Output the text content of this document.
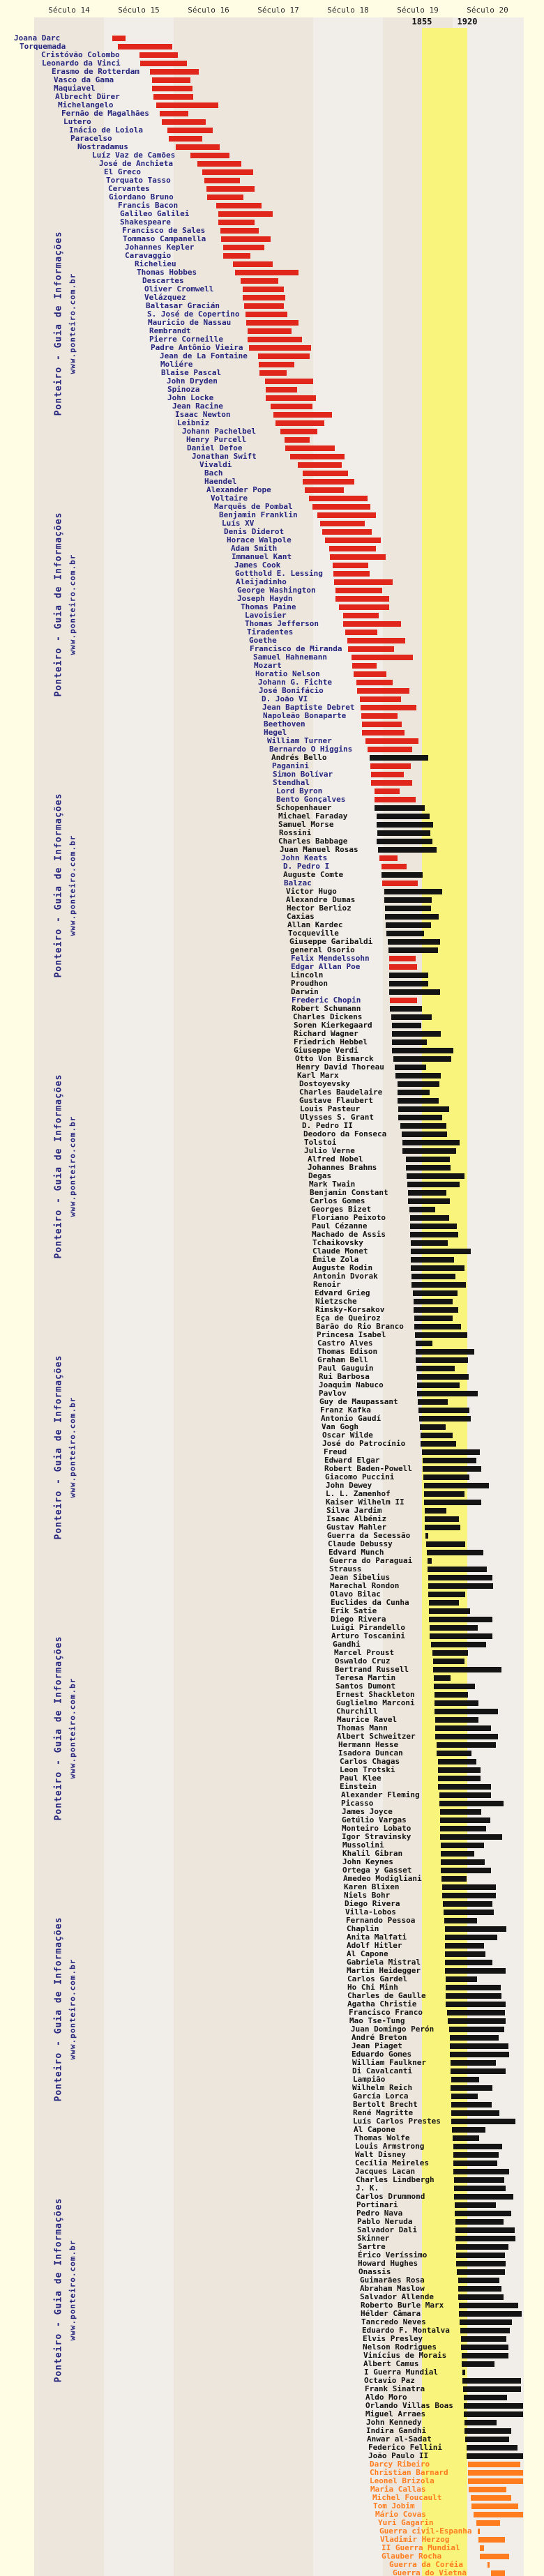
Século 14	Século 15	Século 16	Século 17	Século 18	Século 19	Século 20
1855	1920
Ponteiro - Guia de Informações www.ponteiro.com.br
Ponteiro - Guia de Informações www.ponteiro.com.br
Ponteiro - Guia de Informações www.ponteiro.com.br
Ponteiro - Guia de Informações www.ponteiro.com.br
Ponteiro - Guia de Informações www.ponteiro.com.br
Ponteiro - Guia de Informações www.ponteiro.com.br
Ponteiro - Guia de Informações www.ponteiro.com.br
Ponteiro - Guia de Informações www.ponteiro.com.br
Joana Darc
Torquemada
Cristóvão Colombo
Leonardo da Vinci
Erasmo de Rotterdam
Vasco da Gama
Maquiavel
Albrecht Dürer
Michelangelo
Fernão de Magalhães
Lutero
Inácio de Loiola
Paracelso
Nostradamus
Luíz Vaz de Camões
José de Anchieta
El Greco
Torquato Tasso
Cervantes
Giordano Bruno
Francis Bacon
Galileo Galilei
Shakespeare
Francisco de Sales
Tommaso Campanella
Johannes Kepler
Caravaggio
Richelieu
Thomas Hobbes
Descartes
Oliver Cromwell
Velázquez
Baltasar Gracián
S. José de Copertino
Mauricio de Nassau
Rembrandt
Pierre Corneille
Padre Antônio Vieira
Jean de La Fontaine
Moliére
Blaise Pascal
John Dryden
Spinoza
John Locke
Jean Racine
Isaac Newton
Leibniz
Johann Pachelbel
Henry Purcell
Daniel Defoe
Jonathan Swift
Vivaldi
Bach
Haendel
Alexander Pope
Voltaire
Marquês de Pombal
Benjamin Franklin
Luís XV
Denis Diderot
Horace Walpole
Adam Smith
Immanuel Kant
James Cook
Gotthold E. Lessing
Aleijadinho
George Washington
Joseph Haydn
Thomas Paine
Lavoisier
Thomas Jefferson
Tiradentes
Goethe
Francisco de Miranda
Samuel Hahnemann
Mozart
Horatio Nelson
Johann G. Fichte
José Bonifácio
D. João VI
Jean Baptiste Debret
Napoleão Bonaparte
Beethoven
Hegel
William Turner
Bernardo O Higgins
Andrés Bello
Paganini
Simon Bolívar
Stendhal
Lord Byron
Bento Gonçalves
Schopenhauer
Michael Faraday
Samuel Morse
Rossini
Charles Babbage
Juan Manuel Rosas
John Keats
D. Pedro I
Auguste Comte
Balzac
Victor Hugo
Alexandre Dumas
Hector Berlioz
Caxias
Allan Kardec
Tocqueville
Giuseppe Garibaldi
general Osorio
Felix Mendelssohn
Edgar Allan Poe
Lincoln
Proudhon
Darwin
Frederic Chopin
Robert Schumann
Charles Dickens
Soren Kierkegaard
Richard Wagner
Friedrich Hebbel
Giuseppe Verdi
Otto Von Bismarck
Henry David Thoreau
Karl Marx
Dostoyevsky
Charles Baudelaire
Gustave Flaubert
Louis Pasteur
Ulysses S. Grant
D. Pedro II
Deodoro da Fonseca
Tolstoi
Julio Verne
Alfred Nobel
Johannes Brahms
Degas
Mark Twain
Benjamin Constant
Carlos Gomes
Georges Bizet
Floriano Peixoto
Paul Cézanne
Machado de Assis
Tchaikovsky
Claude Monet
Émile Zola
Auguste Rodin
Antonin Dvorak
Renoir
Edvard Grieg
Nietzsche
Rimsky-Korsakov
Eça de Queiroz
Barão do Rio Branco
Princesa Isabel
Castro Alves
Thomas Edison
Graham Bell
Paul Gauguin
Rui Barbosa
Joaquim Nabuco
Pavlov
Guy de Maupassant
Franz Kafka
Antonio Gaudí
Van Gogh
Oscar Wilde
José do Patrocínio
Freud
Edward Elgar
Robert Baden-Powell
Giacomo Puccini
John Dewey
L. L. Zamenhof
Kaiser Wilhelm II
Silva Jardim
Isaac Albéniz
Gustav Mahler
Guerra da Secessão
Claude Debussy
Edvard Munch
Guerra do Paraguai
Strauss
Jean Sibelius
Marechal Rondon
Olavo Bilac
Euclides da Cunha
Erik Satie
Diego Rivera
Luigi Pirandello
Arturo Toscanini
Gandhi
Marcel Proust
Oswaldo Cruz
Bertrand Russell
Teresa Martin
Santos Dumont
Ernest Shackleton
Guglielmo Marconi
Churchill
Maurice Ravel
Thomas Mann
Albert Schweitzer
Hermann Hesse
Isadora Duncan
Carlos Chagas
Leon Trotski
Paul Klee
Einstein
Alexander Fleming
Picasso
James Joyce
Getúlio Vargas
Monteiro Lobato
Igor Stravinsky
Mussolini
Khalil Gibran
John Keynes
Ortega y Gasset
Amedeo Modigliani
Karen Blixen
Niels Bohr
Diego Rivera
Villa-Lobos
Fernando Pessoa
Chaplin
Anita Malfati
Adolf Hitler
Al Capone
Gabriela Mistral
Martin Heidegger
Carlos Gardel
Ho Chi Minh
Charles de Gaulle
Agatha Christie
Francisco Franco
Mao Tse-Tung
Juan Domingo Perón
André Breton
Jean Piaget
Eduardo Gomes
William Faulkner
Di Cavalcanti
Lampião
Wilhelm Reich
García Lorca
Bertolt Brecht
René Magritte
Luís Carlos Prestes
Al Capone
Thomas Wolfe
Louis Armstrong
Walt Disney
Cecília Meireles
Jacques Lacan
Charles Lindbergh
J. K.
Carlos Drummond
Portinari
Pedro Nava
Pablo Neruda
Salvador Dali
Skinner
Sartre
Érico Veríssimo
Howard Hughes
Onassis
Guimarães Rosa
Abraham Maslow
Salvador Allende
Roberto Burle Marx
Hélder Câmara
Tancredo Neves
Eduardo F. Montalva
Elvis Presley
Nelson Rodrigues
Vinícius de Morais
Albert Camus
I Guerra Mundial
Octavio Paz
Frank Sinatra
Aldo Moro
Orlando Villas Boas
Miguel Arraes
John Kennedy
Indira Gandhi
Anwar al-Sadat
Federico Fellini
João Paulo II
Darcy Ribeiro
Christian Barnard
Leonel Brizola
Maria Callas
Michel Foucault
Tom Jobim
Mário Covas
Yuri Gagarin
Guerra civil-Espanha
Vladimir Herzog
II Guerra Mundial
Glauber Rocha
Guerra da Coréia
Guerra do Vietnã
